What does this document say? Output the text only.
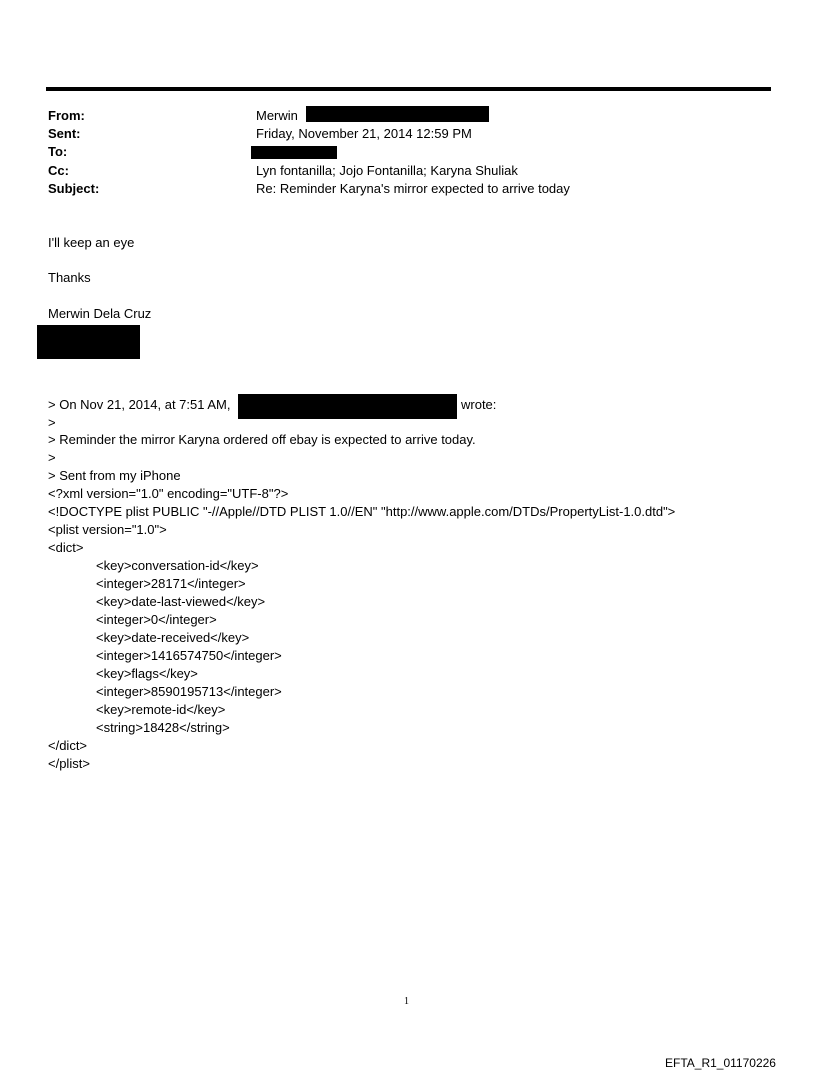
From:	Merwin
Sent:	Friday, November 21, 2014 12:59 PM
To:
Cc:	Lyn fontanilla; Jojo Fontanilla; Karyna Shuliak
Subject:	Re: Reminder Karyna's mirror expected to arrive today
I'll keep an eye
Thanks
Merwin Dela Cruz
> On Nov 21, 2014, at 7:51 AM,	wrote:
>
> Reminder the mirror Karyna ordered off ebay is expected to arrive today.
>
> Sent from my iPhone
<?xml version="1.0" encoding="UTF-8"?>
<!DOCTYPE plist PUBLIC "-//Apple//DTD PLIST 1.0//EN" "http://www.apple.com/DTDs/PropertyList-1.0.dtd">
<plist version="1.0">
<dict>
<key>conversation-id</key>
<integer>28171</integer>
<key>date-last-viewed</key>
<integer>0</integer>
<key>date-received</key>
<integer>1416574750</integer>
<key>flags</key>
<integer>8590195713</integer>
<key>remote-id</key>
<string>18428</string>
</dict>
</plist>
1
EFTA_R1_01170226
